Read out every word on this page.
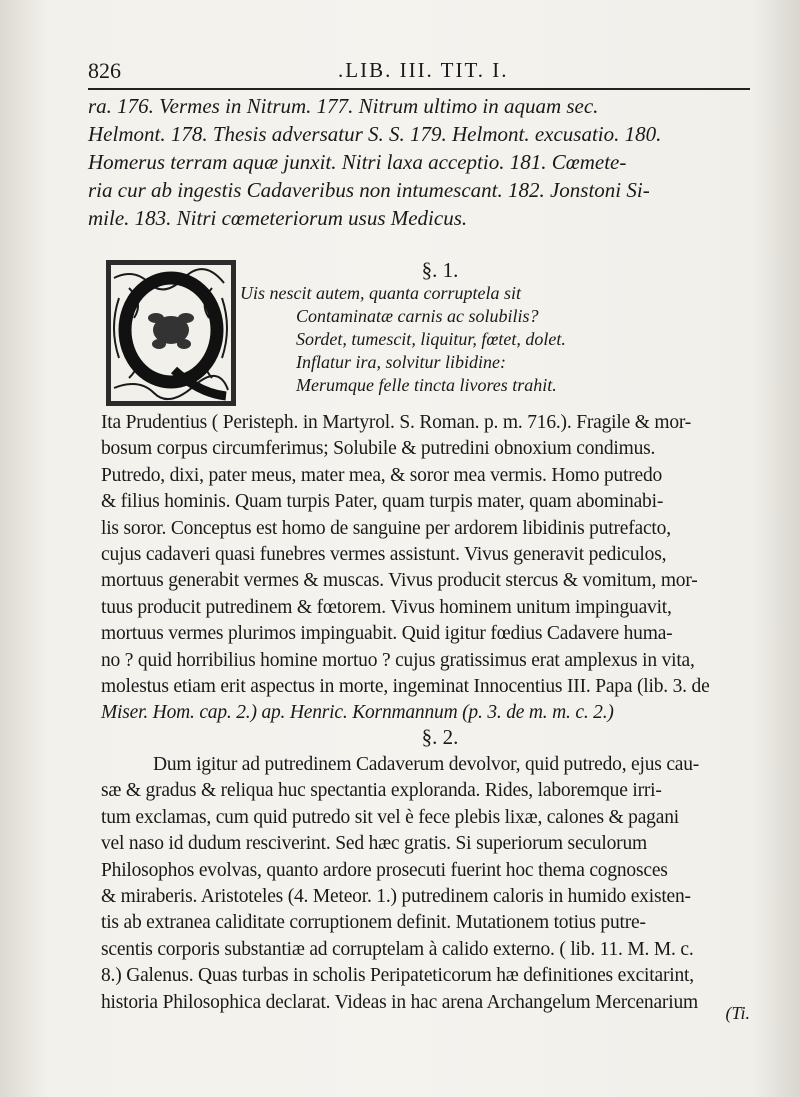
826	.LIB. III. TIT. I.
ra. 176. Vermes in Nitrum. 177. Nitrum ultimo in aquam sec.
Helmont. 178. Thesis adversatur S. S. 179. Helmont. excusatio. 180.
Homerus terram aquæ junxit. Nitri laxa acceptio. 181. Cœmete-
ria cur ab ingestis Cadaveribus non intumescant. 182. Jonstoni Si-
mile. 183. Nitri cœmeteriorum usus Medicus.
§. 1.
Uis nescit autem, quanta corruptela sit
Contaminatæ carnis ac solubilis?
Sordet, tumescit, liquitur, fœtet, dolet.
Inflatur ira, solvitur libidine:
Merumque felle tincta livores trahit.
Ita Prudentius ( Peristeph. in Martyrol. S. Roman. p. m. 716.). Fragile & mor-
bosum corpus circumferimus; Solubile & putredini obnoxium condimus.
Putredo, dixi, pater meus, mater mea, & soror mea vermis. Homo putredo
& filius hominis. Quam turpis Pater, quam turpis mater, quam abominabi-
lis soror. Conceptus est homo de sanguine per ardorem libidinis putrefacto,
cujus cadaveri quasi funebres vermes assistunt. Vivus generavit pediculos,
mortuus generabit vermes & muscas. Vivus producit stercus & vomitum, mor-
tuus producit putredinem & fœtorem. Vivus hominem unitum impinguavit,
mortuus vermes plurimos impinguabit. Quid igitur fœdius Cadavere huma-
no ? quid horribilius homine mortuo ? cujus gratissimus erat amplexus in vita,
molestus etiam erit aspectus in morte, ingeminat Innocentius III. Papa (lib. 3. de
Miser. Hom. cap. 2.) ap. Henric. Kornmannum (p. 3. de m. m. c. 2.)
§. 2.
Dum igitur ad putredinem Cadaverum devolvor, quid putredo, ejus cau-
sæ & gradus & reliqua huc spectantia exploranda. Rides, laboremque irri-
tum exclamas, cum quid putredo sit vel è fece plebis lixæ, calones & pagani
vel naso id dudum resciverint. Sed hæc gratis. Si superiorum seculorum
Philosophos evolvas, quanto ardore prosecuti fuerint hoc thema cognosces
& miraberis. Aristoteles (4. Meteor. 1.) putredinem caloris in humido existen-
tis ab extranea caliditate corruptionem definit. Mutationem totius putre-
scentis corporis substantiæ ad corruptelam à calido externo. ( lib. 11. M. M. c.
8.) Galenus. Quas turbas in scholis Peripateticorum hæ definitiones excitarint,
historia Philosophica declarat. Videas in hac arena Archangelum Mercenarium
(Ti.
